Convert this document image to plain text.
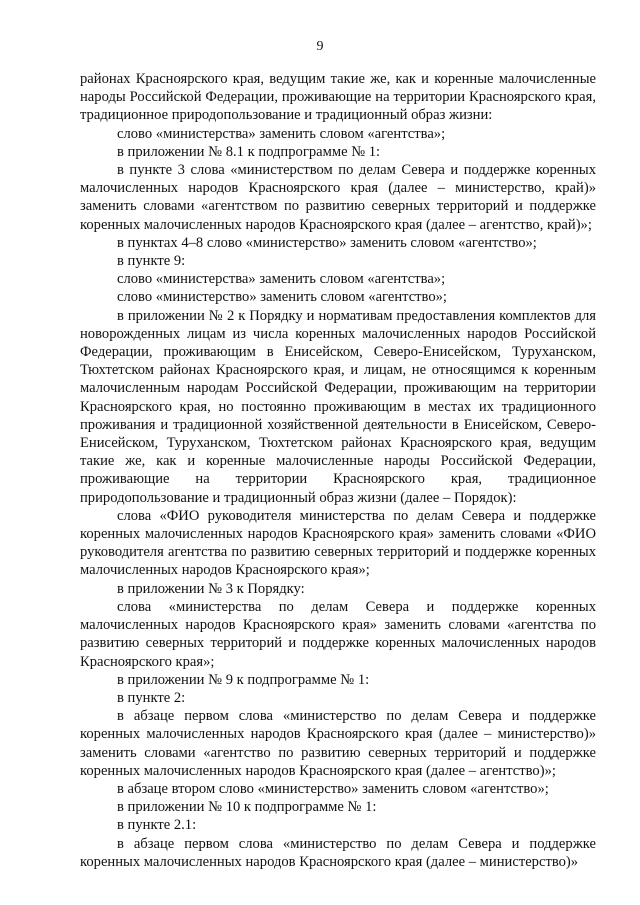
9

районах Красноярского края, ведущим такие же, как и коренные малочисленные народы Российской Федерации, проживающие на территории Красноярского края, традиционное природопользование и традиционный образ жизни:

слово «министерства» заменить словом «агентства»;

в приложении № 8.1 к подпрограмме № 1:

в пункте 3 слова «министерством по делам Севера и поддержке коренных малочисленных народов Красноярского края (далее – министерство, край)» заменить словами «агентством по развитию северных территорий и поддержке коренных малочисленных народов Красноярского края (далее – агентство, край)»;

в пунктах 4–8 слово «министерство» заменить словом «агентство»;

в пункте 9:

слово «министерства» заменить словом «агентства»;

слово «министерство» заменить словом «агентство»;

в приложении № 2 к Порядку и нормативам предоставления комплектов для новорожденных лицам из числа коренных малочисленных народов Российской Федерации, проживающим в Енисейском, Северо-Енисейском, Туруханском, Тюхтетском районах Красноярского края, и лицам, не относящимся к коренным малочисленным народам Российской Федерации, проживающим на территории Красноярского края, но постоянно проживающим в местах их традиционного проживания и традиционной хозяйственной деятельности в Енисейском, Северо-Енисейском, Туруханском, Тюхтетском районах Красноярского края, ведущим такие же, как и коренные малочисленные народы Российской Федерации, проживающие на территории Красноярского края, традиционное природопользование и традиционный образ жизни (далее – Порядок):

слова «ФИО руководителя министерства по делам Севера и поддержке коренных малочисленных народов Красноярского края» заменить словами «ФИО руководителя агентства по развитию северных территорий и поддержке коренных малочисленных народов Красноярского края»;

в приложении № 3 к Порядку:

слова «министерства по делам Севера и поддержке коренных малочисленных народов Красноярского края» заменить словами «агентства по развитию северных территорий и поддержке коренных малочисленных народов Красноярского края»;

в приложении № 9 к подпрограмме № 1:

в пункте 2:

в абзаце первом слова «министерство по делам Севера и поддержке коренных малочисленных народов Красноярского края (далее – министерство)» заменить словами «агентство по развитию северных территорий и поддержке коренных малочисленных народов Красноярского края (далее – агентство)»;

в абзаце втором слово «министерство» заменить словом «агентство»;

в приложении № 10 к подпрограмме № 1:

в пункте 2.1:

в абзаце первом слова «министерство по делам Севера и поддержке коренных малочисленных народов Красноярского края (далее – министерство)»
